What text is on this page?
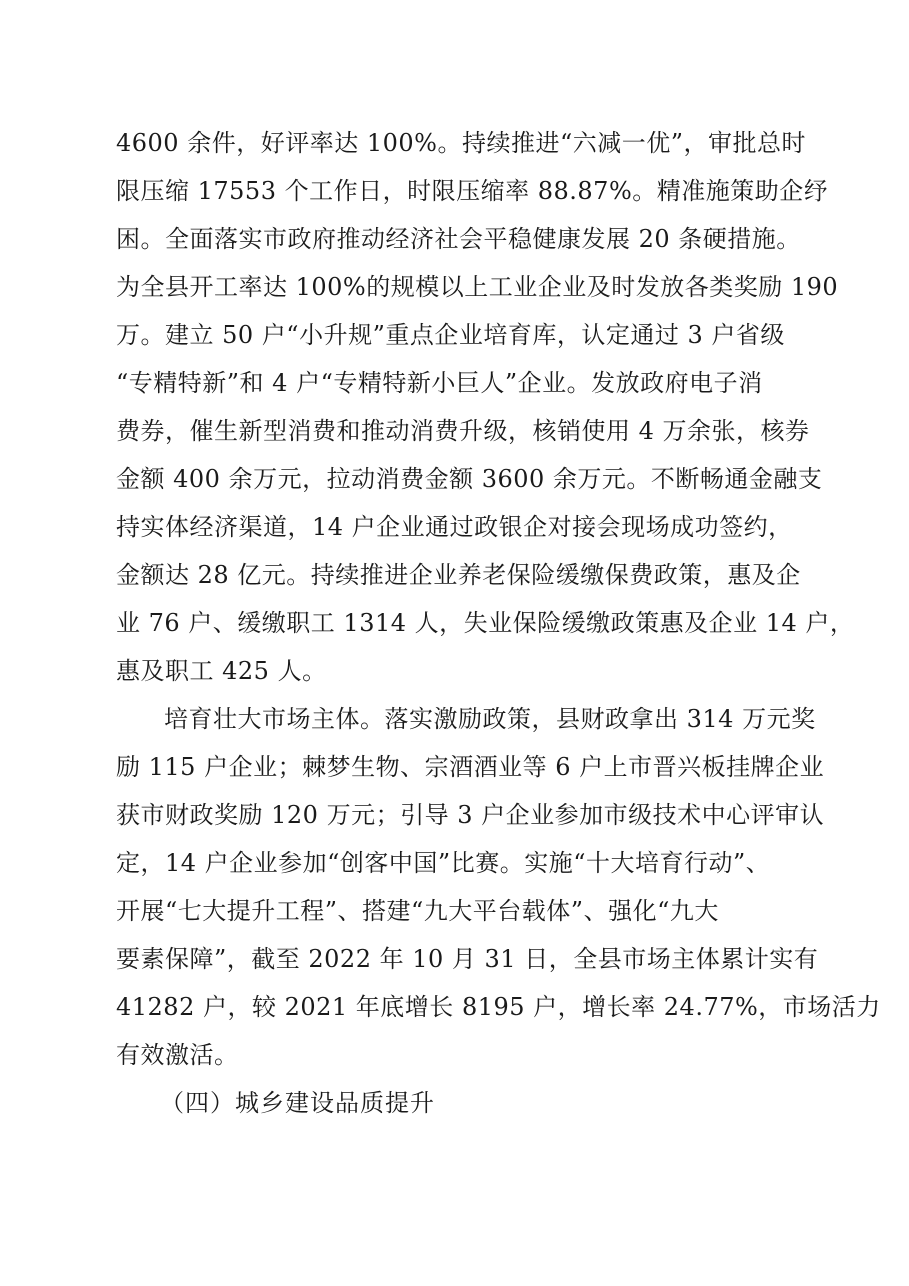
4600 余件，好评率达 100%。持续推进“六减一优”，审批总时
限压缩 17553 个工作日，时限压缩率 88.87%。精准施策助企纾
困。全面落实市政府推动经济社会平稳健康发展 20 条硬措施。
为全县开工率达 100%的规模以上工业企业及时发放各类奖励 190
万。建立 50 户“小升规”重点企业培育库，认定通过 3 户省级
“专精特新”和 4 户“专精特新小巨人”企业。发放政府电子消
费券，催生新型消费和推动消费升级，核销使用 4 万余张，核券
金额 400 余万元，拉动消费金额 3600 余万元。不断畅通金融支
持实体经济渠道，14 户企业通过政银企对接会现场成功签约，
金额达 28 亿元。持续推进企业养老保险缓缴保费政策，惠及企
业 76 户、缓缴职工 1314 人，失业保险缓缴政策惠及企业 14 户，
惠及职工 425 人。
培育壮大市场主体。落实激励政策，县财政拿出 314 万元奖
励 115 户企业；棘梦生物、宗酒酒业等 6 户上市晋兴板挂牌企业
获市财政奖励 120 万元；引导 3 户企业参加市级技术中心评审认
定，14 户企业参加“创客中国”比赛。实施“十大培育行动”、
开展“七大提升工程”、搭建“九大平台载体”、强化“九大
要素保障”，截至 2022 年 10 月 31 日，全县市场主体累计实有
41282 户，较 2021 年底增长 8195 户，增长率 24.77%，市场活力
有效激活。
（四）城乡建设品质提升
